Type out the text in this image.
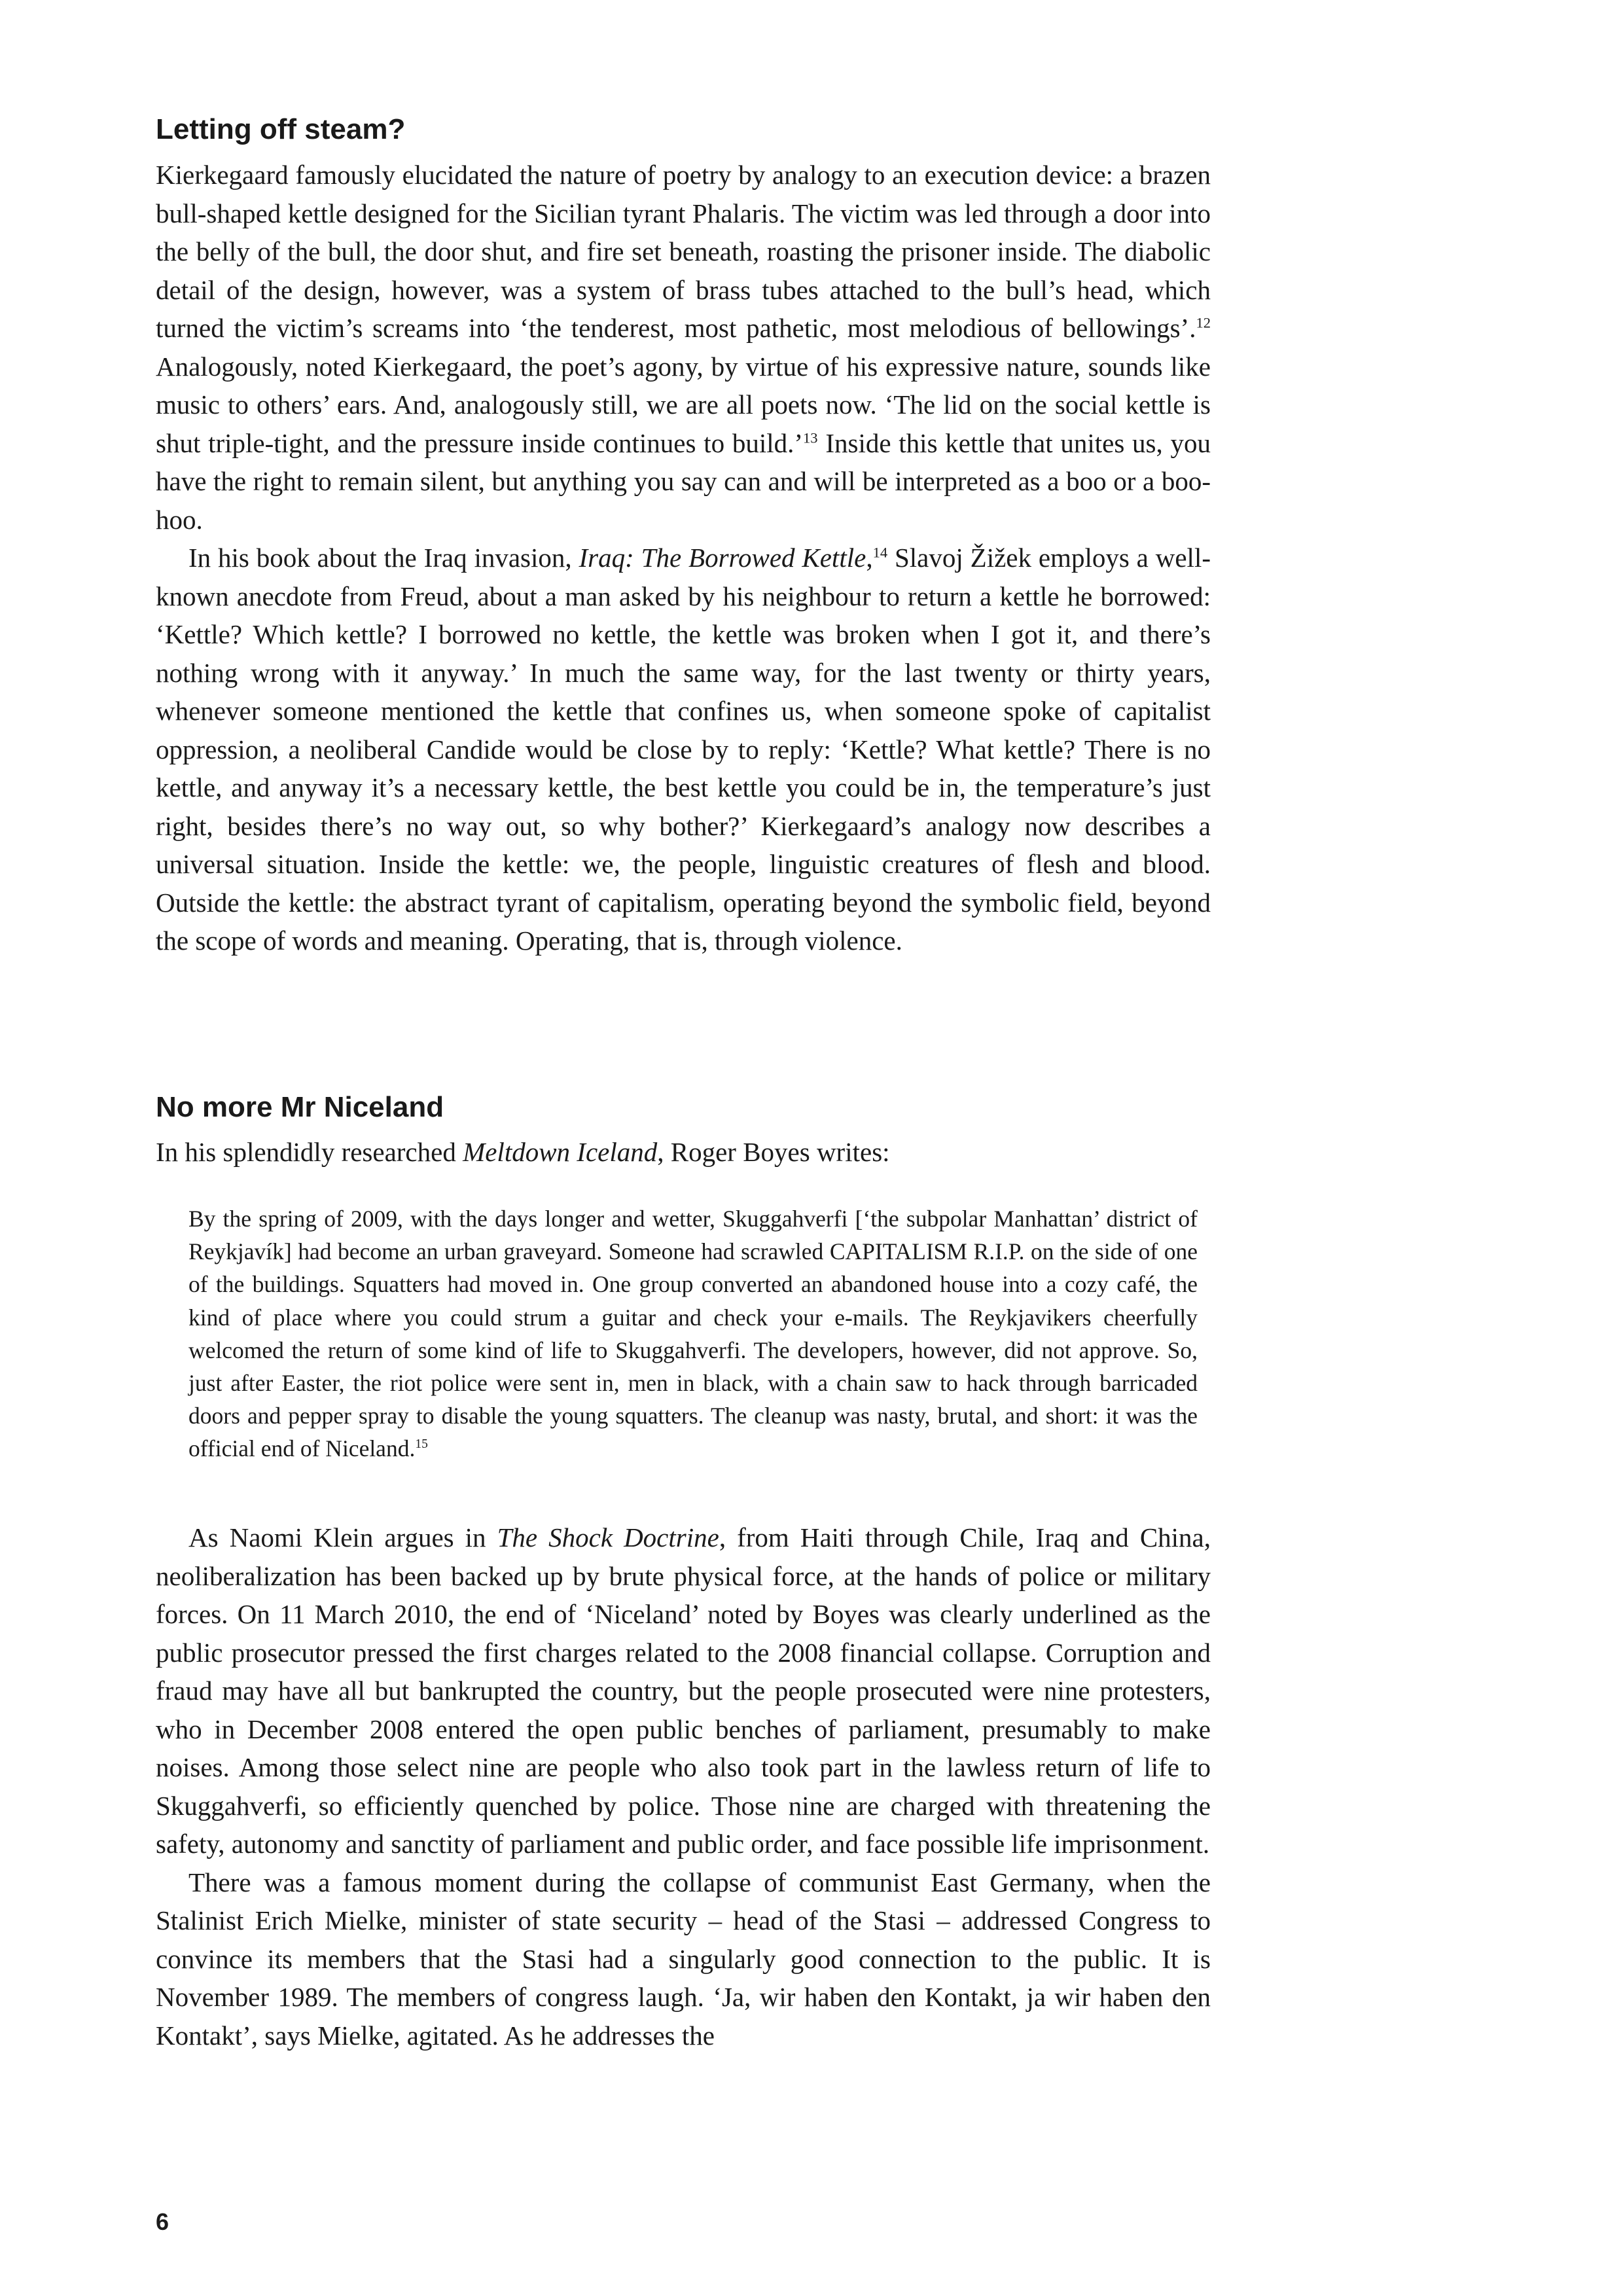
Letting off steam?

Kierkegaard famously elucidated the nature of poetry by analogy to an execution device: a brazen bull-shaped kettle designed for the Sicilian tyrant Phalaris. The victim was led through a door into the belly of the bull, the door shut, and fire set beneath, roasting the prisoner inside. The diabolic detail of the design, however, was a system of brass tubes attached to the bull’s head, which turned the victim’s screams into ‘the tenderest, most pathetic, most melodious of bellowings’.$^{12}$ Analogously, noted Kierkegaard, the poet’s agony, by virtue of his expressive nature, sounds like music to others’ ears. And, analogously still, we are all poets now. ‘The lid on the social kettle is shut triple-tight, and the pressure inside continues to build.’$^{13}$ Inside this kettle that unites us, you have the right to remain silent, but anything you say can and will be interpreted as a boo or a boo-hoo.

In his book about the Iraq invasion, Iraq: The Borrowed Kettle,$^{14}$ Slavoj Žižek employs a well-known anecdote from Freud, about a man asked by his neighbour to return a kettle he borrowed: ‘Kettle? Which kettle? I borrowed no kettle, the kettle was broken when I got it, and there’s nothing wrong with it anyway.’ In much the same way, for the last twenty or thirty years, whenever someone mentioned the kettle that confines us, when someone spoke of capitalist oppression, a neoliberal Candide would be close by to reply: ‘Kettle? What kettle? There is no kettle, and anyway it’s a necessary kettle, the best kettle you could be in, the temperature’s just right, besides there’s no way out, so why bother?’ Kierkegaard’s analogy now describes a universal situation. Inside the kettle: we, the people, linguistic creatures of flesh and blood. Outside the kettle: the abstract tyrant of capitalism, operating beyond the symbolic field, beyond the scope of words and meaning. Operating, that is, through violence.

No more Mr Niceland

In his splendidly researched Meltdown Iceland, Roger Boyes writes:

By the spring of 2009, with the days longer and wetter, Skuggahverfi [‘the subpolar Manhattan’ district of Reykjavík] had become an urban graveyard. Someone had scrawled CAPITALISM R.I.P. on the side of one of the buildings. Squatters had moved in. One group converted an abandoned house into a cozy café, the kind of place where you could strum a guitar and check your e-mails. The Reykjavikers cheerfully welcomed the return of some kind of life to Skuggahverfi. The developers, however, did not approve. So, just after Easter, the riot police were sent in, men in black, with a chain saw to hack through barricaded doors and pepper spray to disable the young squatters. The cleanup was nasty, brutal, and short: it was the official end of Niceland.$^{15}$

As Naomi Klein argues in The Shock Doctrine, from Haiti through Chile, Iraq and China, neoliberalization has been backed up by brute physical force, at the hands of police or military forces. On 11 March 2010, the end of ‘Niceland’ noted by Boyes was clearly underlined as the public prosecutor pressed the first charges related to the 2008 financial collapse. Corruption and fraud may have all but bankrupted the country, but the people prosecuted were nine protesters, who in December 2008 entered the open public benches of parliament, presumably to make noises. Among those select nine are people who also took part in the lawless return of life to Skuggahverfi, so efficiently quenched by police. Those nine are charged with threatening the safety, autonomy and sanctity of parliament and public order, and face possible life imprisonment.

There was a famous moment during the collapse of communist East Germany, when the Stalinist Erich Mielke, minister of state security – head of the Stasi – addressed Congress to convince its members that the Stasi had a singularly good connection to the public. It is November 1989. The members of congress laugh. ‘Ja, wir haben den Kontakt, ja wir haben den Kontakt’, says Mielke, agitated. As he addresses the

6
